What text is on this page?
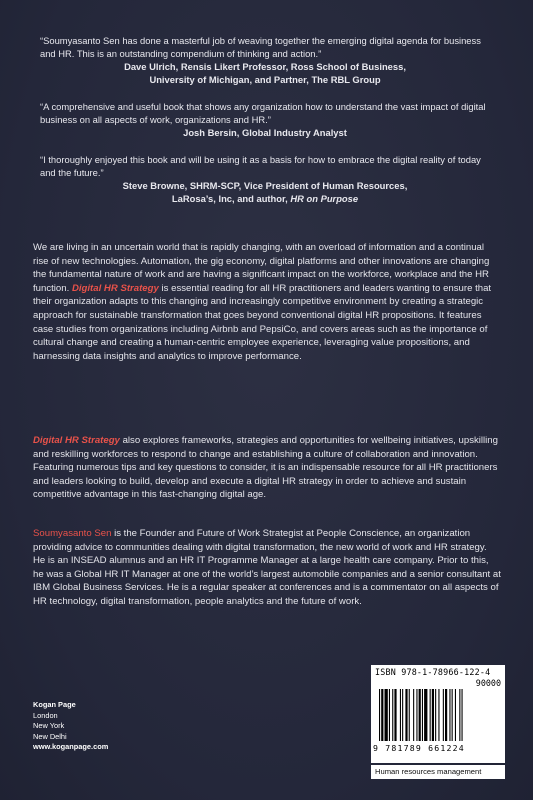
“Soumyasanto Sen has done a masterful job of weaving together the emerging digital agenda for business and HR. This is an outstanding compendium of thinking and action.”

Dave Ulrich, Rensis Likert Professor, Ross School of Business,

University of Michigan, and Partner, The RBL Group

“A comprehensive and useful book that shows any organization how to understand the vast impact of digital business on all aspects of work, organizations and HR.”

Josh Bersin, Global Industry Analyst

“I thoroughly enjoyed this book and will be using it as a basis for how to embrace the digital reality of today and the future.”

Steve Browne, SHRM-SCP, Vice President of Human Resources,

LaRosa’s, Inc, and author, HR on Purpose

We are living in an uncertain world that is rapidly changing, with an overload of information and a continual rise of new technologies. Automation, the gig economy, digital platforms and other innovations are changing the fundamental nature of work and are having a significant impact on the workforce, workplace and the HR function. Digital HR Strategy is essential reading for all HR practitioners and leaders wanting to ensure that their organization adapts to this changing and increasingly competitive environment by creating a strategic approach for sustainable transformation that goes beyond conventional digital HR propositions. It features case studies from organizations including Airbnb and PepsiCo, and covers areas such as the importance of cultural change and creating a human-centric employee experience, leveraging value propositions, and harnessing data insights and analytics to improve performance.

Digital HR Strategy also explores frameworks, strategies and opportunities for wellbeing initiatives, upskilling and reskilling workforces to respond to change and establishing a culture of collaboration and innovation. Featuring numerous tips and key questions to consider, it is an indispensable resource for all HR practitioners and leaders looking to build, develop and execute a digital HR strategy in order to achieve and sustain competitive advantage in this fast-changing digital age.

Soumyasanto Sen is the Founder and Future of Work Strategist at People Conscience, an organization providing advice to communities dealing with digital transformation, the new world of work and HR strategy. He is an INSEAD alumnus and an HR IT Programme Manager at a large health care company. Prior to this, he was a Global HR IT Manager at one of the world’s largest automobile companies and a senior consultant at IBM Global Business Services. He is a regular speaker at conferences and is a commentator on all aspects of HR technology, digital transformation, people analytics and the future of work.

Kogan Page
London
New York
New Delhi
www.koganpage.com
ISBN 978-1-78966-122-4
90000
9 781789 661224
Human resources management
